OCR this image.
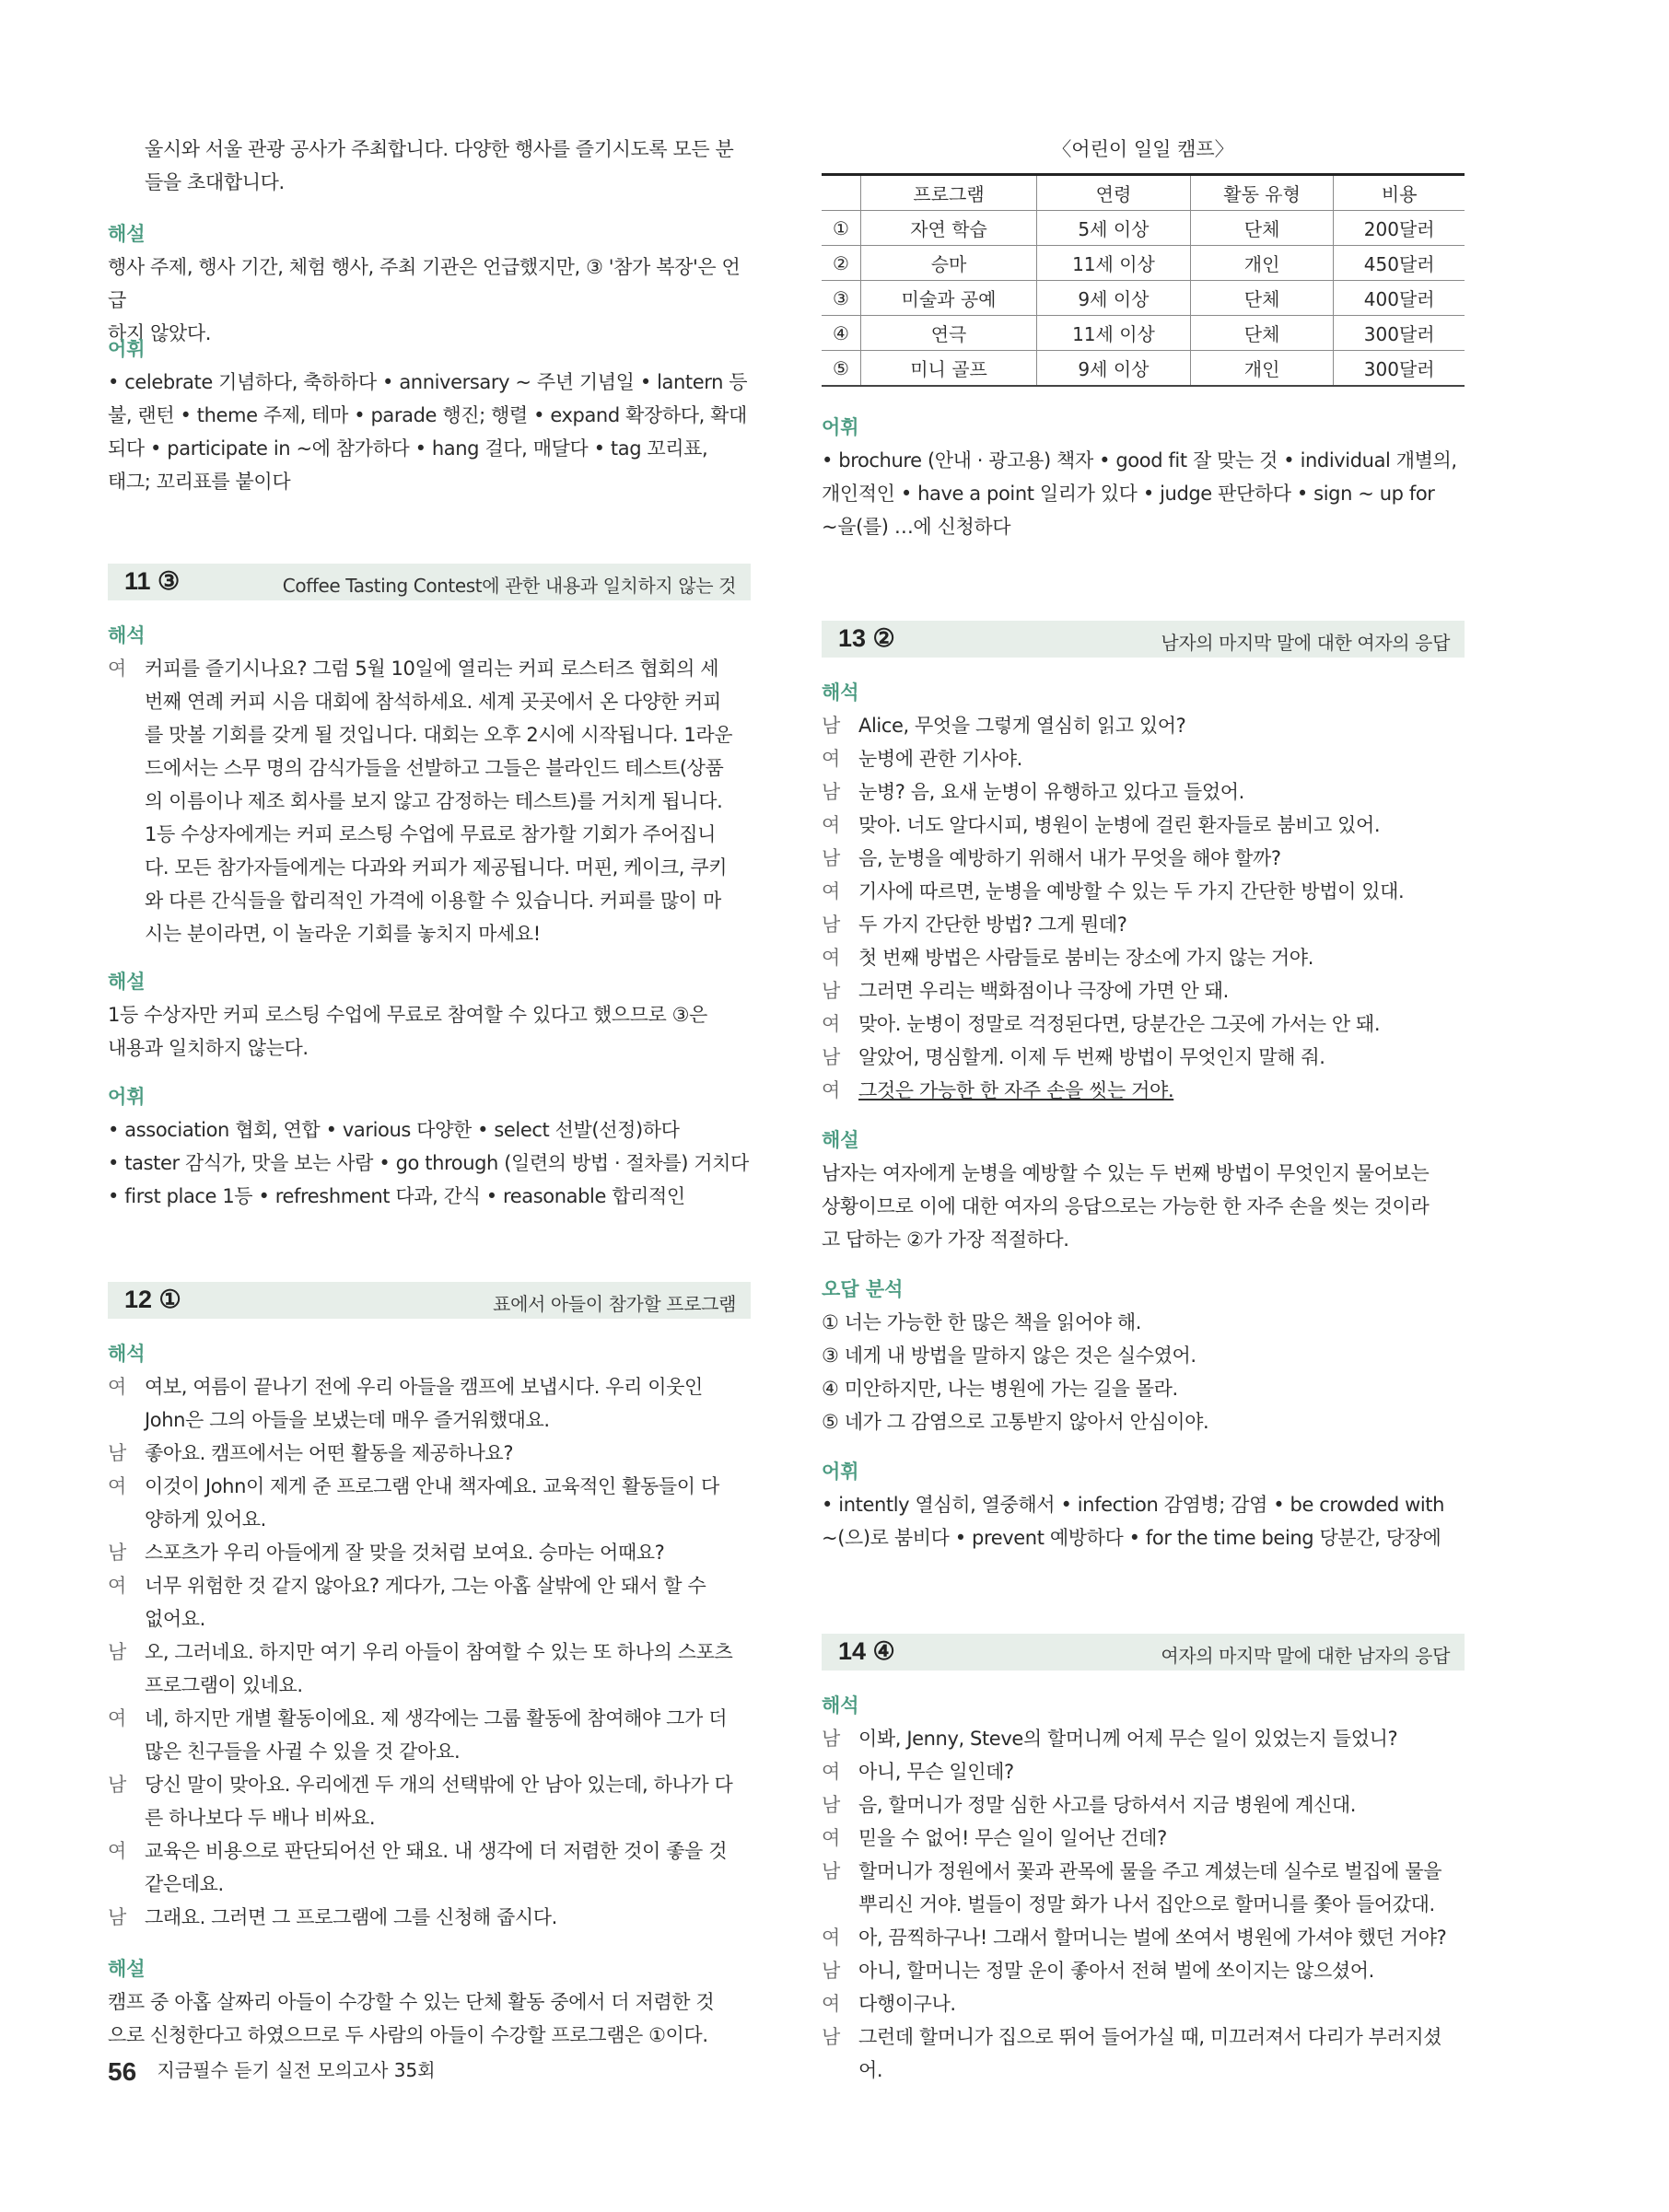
울시와 서울 관광 공사가 주최합니다. 다양한 행사를 즐기시도록 모든 분

들을 초대합니다.

해설

행사 주제, 행사 기간, 체험 행사, 주최 기관은 언급했지만, ③ '참가 복장'은 언급

하지 않았다.

어휘

• celebrate 기념하다, 축하하다 • anniversary ~ 주년 기념일 • lantern 등
불, 랜턴 • theme 주제, 테마 • parade 행진; 행렬 • expand 확장하다, 확대
되다 • participate in ~에 참가하다 • hang 걸다, 매달다 • tag 꼬리표,
태그; 꼬리표를 붙이다
11 ③	Coffee Tasting Contest에 관한 내용과 일치하지 않는 것

해석

여 커피를 즐기시나요? 그럼 5월 10일에 열리는 커피 로스터즈 협회의 세
번째 연례 커피 시음 대회에 참석하세요. 세계 곳곳에서 온 다양한 커피
를 맛볼 기회를 갖게 될 것입니다. 대회는 오후 2시에 시작됩니다. 1라운
드에서는 스무 명의 감식가들을 선발하고 그들은 블라인드 테스트(상품
의 이름이나 제조 회사를 보지 않고 감정하는 테스트)를 거치게 됩니다.
1등 수상자에게는 커피 로스팅 수업에 무료로 참가할 기회가 주어집니
다. 모든 참가자들에게는 다과와 커피가 제공됩니다. 머핀, 케이크, 쿠키
와 다른 간식들을 합리적인 가격에 이용할 수 있습니다. 커피를 많이 마
시는 분이라면, 이 놀라운 기회를 놓치지 마세요!

해설

1등 수상자만 커피 로스팅 수업에 무료로 참여할 수 있다고 했으므로 ③은

내용과 일치하지 않는다.

어휘

• association 협회, 연합 • various 다양한 • select 선발(선정)하다
• taster 감식가, 맛을 보는 사람 • go through (일련의 방법 · 절차를) 거치다
• first place 1등 • refreshment 다과, 간식 • reasonable 합리적인
12 ①	표에서 아들이 참가할 프로그램

해석

여 여보, 여름이 끝나기 전에 우리 아들을 캠프에 보냅시다. 우리 이웃인
John은 그의 아들을 보냈는데 매우 즐거워했대요.
남 좋아요. 캠프에서는 어떤 활동을 제공하나요?
여 이것이 John이 제게 준 프로그램 안내 책자예요. 교육적인 활동들이 다
양하게 있어요.
남 스포츠가 우리 아들에게 잘 맞을 것처럼 보여요. 승마는 어때요?
여 너무 위험한 것 같지 않아요? 게다가, 그는 아홉 살밖에 안 돼서 할 수
없어요.
남 오, 그러네요. 하지만 여기 우리 아들이 참여할 수 있는 또 하나의 스포츠
프로그램이 있네요.
여 네, 하지만 개별 활동이에요. 제 생각에는 그룹 활동에 참여해야 그가 더
많은 친구들을 사귈 수 있을 것 같아요.
남 당신 말이 맞아요. 우리에겐 두 개의 선택밖에 안 남아 있는데, 하나가 다
른 하나보다 두 배나 비싸요.
여 교육은 비용으로 판단되어선 안 돼요. 내 생각에 더 저렴한 것이 좋을 것
같은데요.
남 그래요. 그러면 그 프로그램에 그를 신청해 줍시다.

해설

캠프 중 아홉 살짜리 아들이 수강할 수 있는 단체 활동 중에서 더 저렴한 것

으로 신청한다고 하였으므로 두 사람의 아들이 수강할 프로그램은 ①이다.

〈어린이 일일 캠프〉
	프로그램	연령	활동 유형	비용
①	자연 학습	5세 이상	단체	200달러
②	승마	11세 이상	개인	450달러
③	미술과 공예	9세 이상	단체	400달러
④	연극	11세 이상	단체	300달러
⑤	미니 골프	9세 이상	개인	300달러

어휘

• brochure (안내 · 광고용) 책자 • good fit 잘 맞는 것 • individual 개별의,
개인적인 • have a point 일리가 있다 • judge 판단하다 • sign ~ up for
~을(를) …에 신청하다
13 ②	남자의 마지막 말에 대한 여자의 응답

해석

남 Alice, 무엇을 그렇게 열심히 읽고 있어?
여 눈병에 관한 기사야.
남 눈병? 음, 요새 눈병이 유행하고 있다고 들었어.
여 맞아. 너도 알다시피, 병원이 눈병에 걸린 환자들로 붐비고 있어.
남 음, 눈병을 예방하기 위해서 내가 무엇을 해야 할까?
여 기사에 따르면, 눈병을 예방할 수 있는 두 가지 간단한 방법이 있대.
남 두 가지 간단한 방법? 그게 뭔데?
여 첫 번째 방법은 사람들로 붐비는 장소에 가지 않는 거야.
남 그러면 우리는 백화점이나 극장에 가면 안 돼.
여 맞아. 눈병이 정말로 걱정된다면, 당분간은 그곳에 가서는 안 돼.
남 알았어, 명심할게. 이제 두 번째 방법이 무엇인지 말해 줘.
여 그것은 가능한 한 자주 손을 씻는 거야.

해설

남자는 여자에게 눈병을 예방할 수 있는 두 번째 방법이 무엇인지 물어보는

상황이므로 이에 대한 여자의 응답으로는 가능한 한 자주 손을 씻는 것이라

고 답하는 ②가 가장 적절하다.

오답 분석

① 너는 가능한 한 많은 책을 읽어야 해.

③ 네게 내 방법을 말하지 않은 것은 실수였어.

④ 미안하지만, 나는 병원에 가는 길을 몰라.

⑤ 네가 그 감염으로 고통받지 않아서 안심이야.

어휘

• intently 열심히, 열중해서 • infection 감염병; 감염 • be crowded with
~(으)로 붐비다 • prevent 예방하다 • for the time being 당분간, 당장에
14 ④	여자의 마지막 말에 대한 남자의 응답

해석

남 이봐, Jenny, Steve의 할머니께 어제 무슨 일이 있었는지 들었니?
여 아니, 무슨 일인데?
남 음, 할머니가 정말 심한 사고를 당하셔서 지금 병원에 계신대.
여 믿을 수 없어! 무슨 일이 일어난 건데?
남 할머니가 정원에서 꽃과 관목에 물을 주고 계셨는데 실수로 벌집에 물을
뿌리신 거야. 벌들이 정말 화가 나서 집안으로 할머니를 쫓아 들어갔대.
여 아, 끔찍하구나! 그래서 할머니는 벌에 쏘여서 병원에 가셔야 했던 거야?
남 아니, 할머니는 정말 운이 좋아서 전혀 벌에 쏘이지는 않으셨어.
여 다행이구나.
남 그런데 할머니가 집으로 뛰어 들어가실 때, 미끄러져서 다리가 부러지셨어.
56 지금필수 듣기 실전 모의고사 35회
